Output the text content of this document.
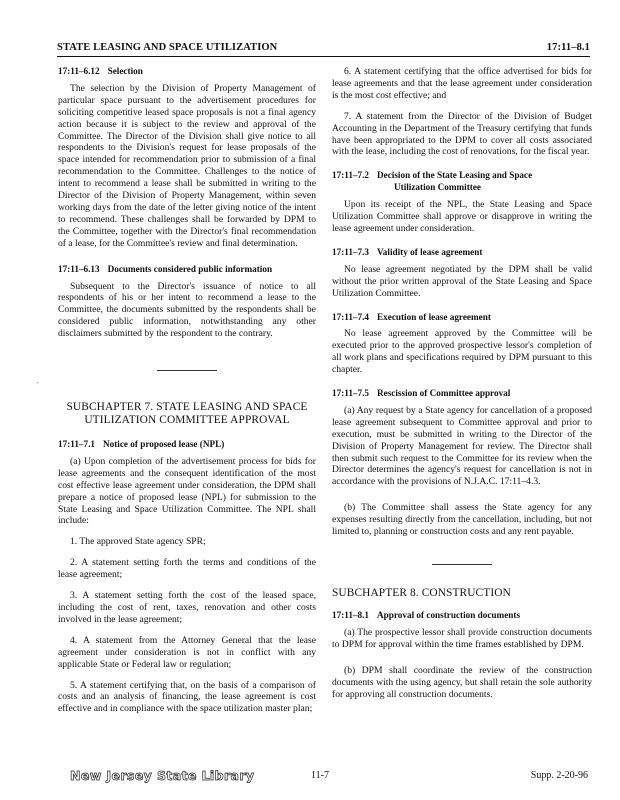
STATE LEASING AND SPACE UTILIZATION	17:11–8.1
17:11–6.12 Selection

The selection by the Division of Property Management of particular space pursuant to the advertisement procedures for soliciting competitive leased space proposals is not a final agency action because it is subject to the review and approval of the Committee. The Director of the Division shall give notice to all respondents to the Division's request for lease proposals of the space intended for recommendation prior to submission of a final recommendation to the Committee. Challenges to the notice of intent to recommend a lease shall be submitted in writing to the Director of the Division of Property Management, within seven working days from the date of the letter giving notice of the intent to recommend. These challenges shall be forwarded by DPM to the Committee, together with the Director's final recommendation of a lease, for the Committee's review and final determination.

17:11–6.13 Documents considered public information

Subsequent to the Director's issuance of notice to all respondents of his or her intent to recommend a lease to the Committee, the documents submitted by the respondents shall be considered public information, notwithstanding any other disclaimers submitted by the respondent to the contrary.

SUBCHAPTER 7. STATE LEASING AND SPACE
UTILIZATION COMMITTEE APPROVAL
17:11–7.1 Notice of proposed lease (NPL)

(a) Upon completion of the advertisement process for bids for lease agreements and the consequent identification of the most cost effective lease agreement under consideration, the DPM shall prepare a notice of proposed lease (NPL) for submission to the State Leasing and Space Utilization Committee. The NPL shall include:

1. The approved State agency SPR;

2. A statement setting forth the terms and conditions of the lease agreement;

3. A statement setting forth the cost of the leased space, including the cost of rent, taxes, renovation and other costs involved in the lease agreement;

4. A statement from the Attorney General that the lease agreement under consideration is not in conflict with any applicable State or Federal law or regulation;

5. A statement certifying that, on the basis of a comparison of costs and an analysis of financing, the lease agreement is cost effective and in compliance with the space utilization master plan;

6. A statement certifying that the office advertised for bids for lease agreements and that the lease agreement under consideration is the most cost effective; and

7. A statement from the Director of the Division of Budget Accounting in the Department of the Treasury certifying that funds have been appropriated to the DPM to cover all costs associated with the lease, including the cost of renovations, for the fiscal year.

17:11–7.2 Decision of the State Leasing and Space
Utilization Committee

Upon its receipt of the NPL, the State Leasing and Space Utilization Committee shall approve or disapprove in writing the lease agreement under consideration.

17:11–7.3 Validity of lease agreement

No lease agreement negotiated by the DPM shall be valid without the prior written approval of the State Leasing and Space Utilization Committee.

17:11–7.4 Execution of lease agreement

No lease agreement approved by the Committee will be executed prior to the approved prospective lessor's completion of all work plans and specifications required by DPM pursuant to this chapter.

17:11–7.5 Rescission of Committee approval

(a) Any request by a State agency for cancellation of a proposed lease agreement subsequent to Committee approval and prior to execution, must be submitted in writing to the Director of the Division of Property Management for review. The Director shall then submit such request to the Committee for its review when the Director determines the agency's request for cancellation is not in accordance with the provisions of N.J.A.C. 17:11–4.3.

(b) The Committee shall assess the State agency for any expenses resulting directly from the cancellation, including, but not limited to, planning or construction costs and any rent payable.

SUBCHAPTER 8. CONSTRUCTION
17:11–8.1 Approval of construction documents

(a) The prospective lessor shall provide construction documents to DPM for approval within the time frames established by DPM.

(b) DPM shall coordinate the review of the construction documents with the using agency, but shall retain the sole authority for approving all construction documents.

New Jersey State Library	11-7	Supp. 2-20-96
-
